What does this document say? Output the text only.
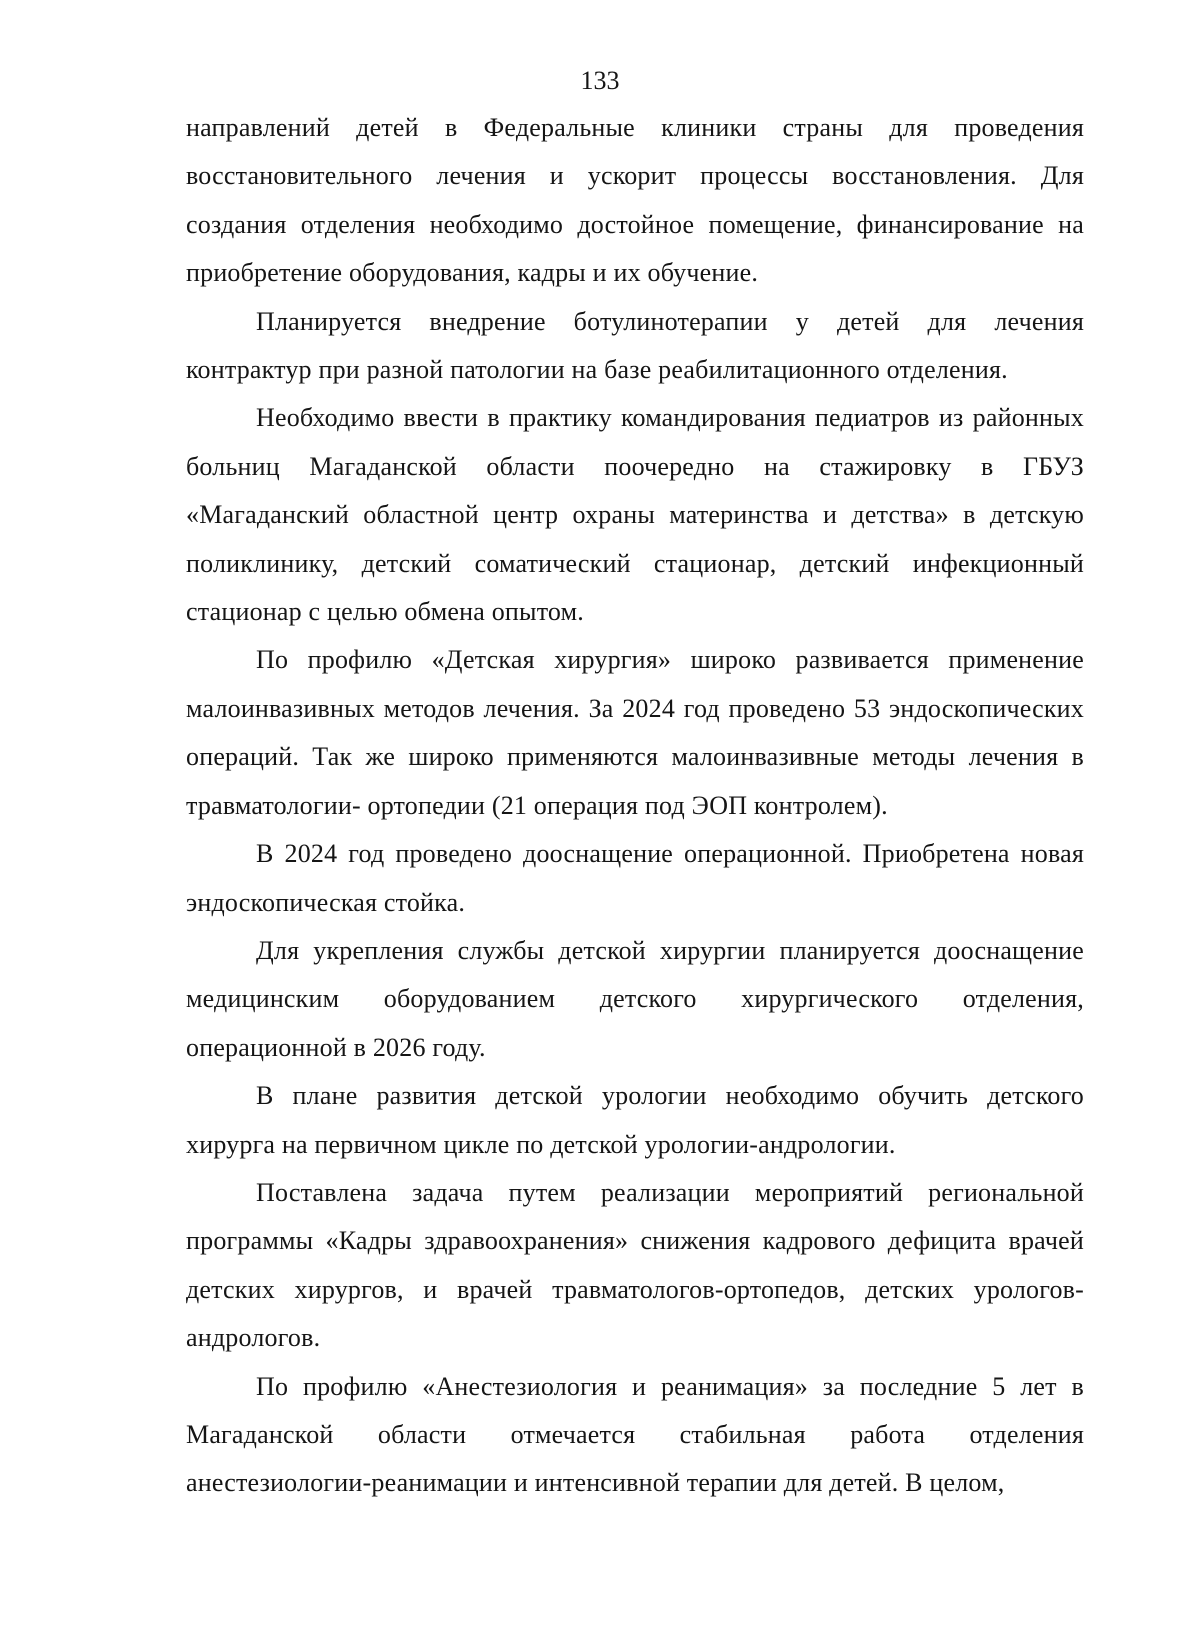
133

направлений детей в Федеральные клиники страны для проведения восстановительного лечения и ускорит процессы восстановления. Для создания отделения необходимо достойное помещение, финансирование на приобретение оборудования, кадры и их обучение.

Планируется внедрение ботулинотерапии у детей для лечения контрактур при разной патологии на базе реабилитационного отделения.

Необходимо ввести в практику командирования педиатров из районных больниц Магаданской области поочередно на стажировку в ГБУЗ «Магаданский областной центр охраны материнства и детства» в детскую поликлинику, детский соматический стационар, детский инфекционный стационар с целью обмена опытом.

По профилю «Детская хирургия» широко развивается применение малоинвазивных методов лечения. За 2024 год проведено 53 эндоскопических операций. Так же широко применяются малоинвазивные методы лечения в травматологии- ортопедии (21 операция под ЭОП контролем).

В 2024 год проведено дооснащение операционной. Приобретена новая эндоскопическая стойка.

Для укрепления службы детской хирургии планируется дооснащение медицинским оборудованием детского хирургического отделения, операционной в 2026 году.

В плане развития детской урологии необходимо обучить детского хирурга на первичном цикле по детской урологии-андрологии.

Поставлена задача путем реализации мероприятий региональной программы «Кадры здравоохранения» снижения кадрового дефицита врачей детских хирургов, и врачей травматологов-ортопедов, детских урологов-андрологов.

По профилю «Анестезиология и реанимация» за последние 5 лет в Магаданской области отмечается стабильная работа отделения анестезиологии-реанимации и интенсивной терапии для детей. В целом,
